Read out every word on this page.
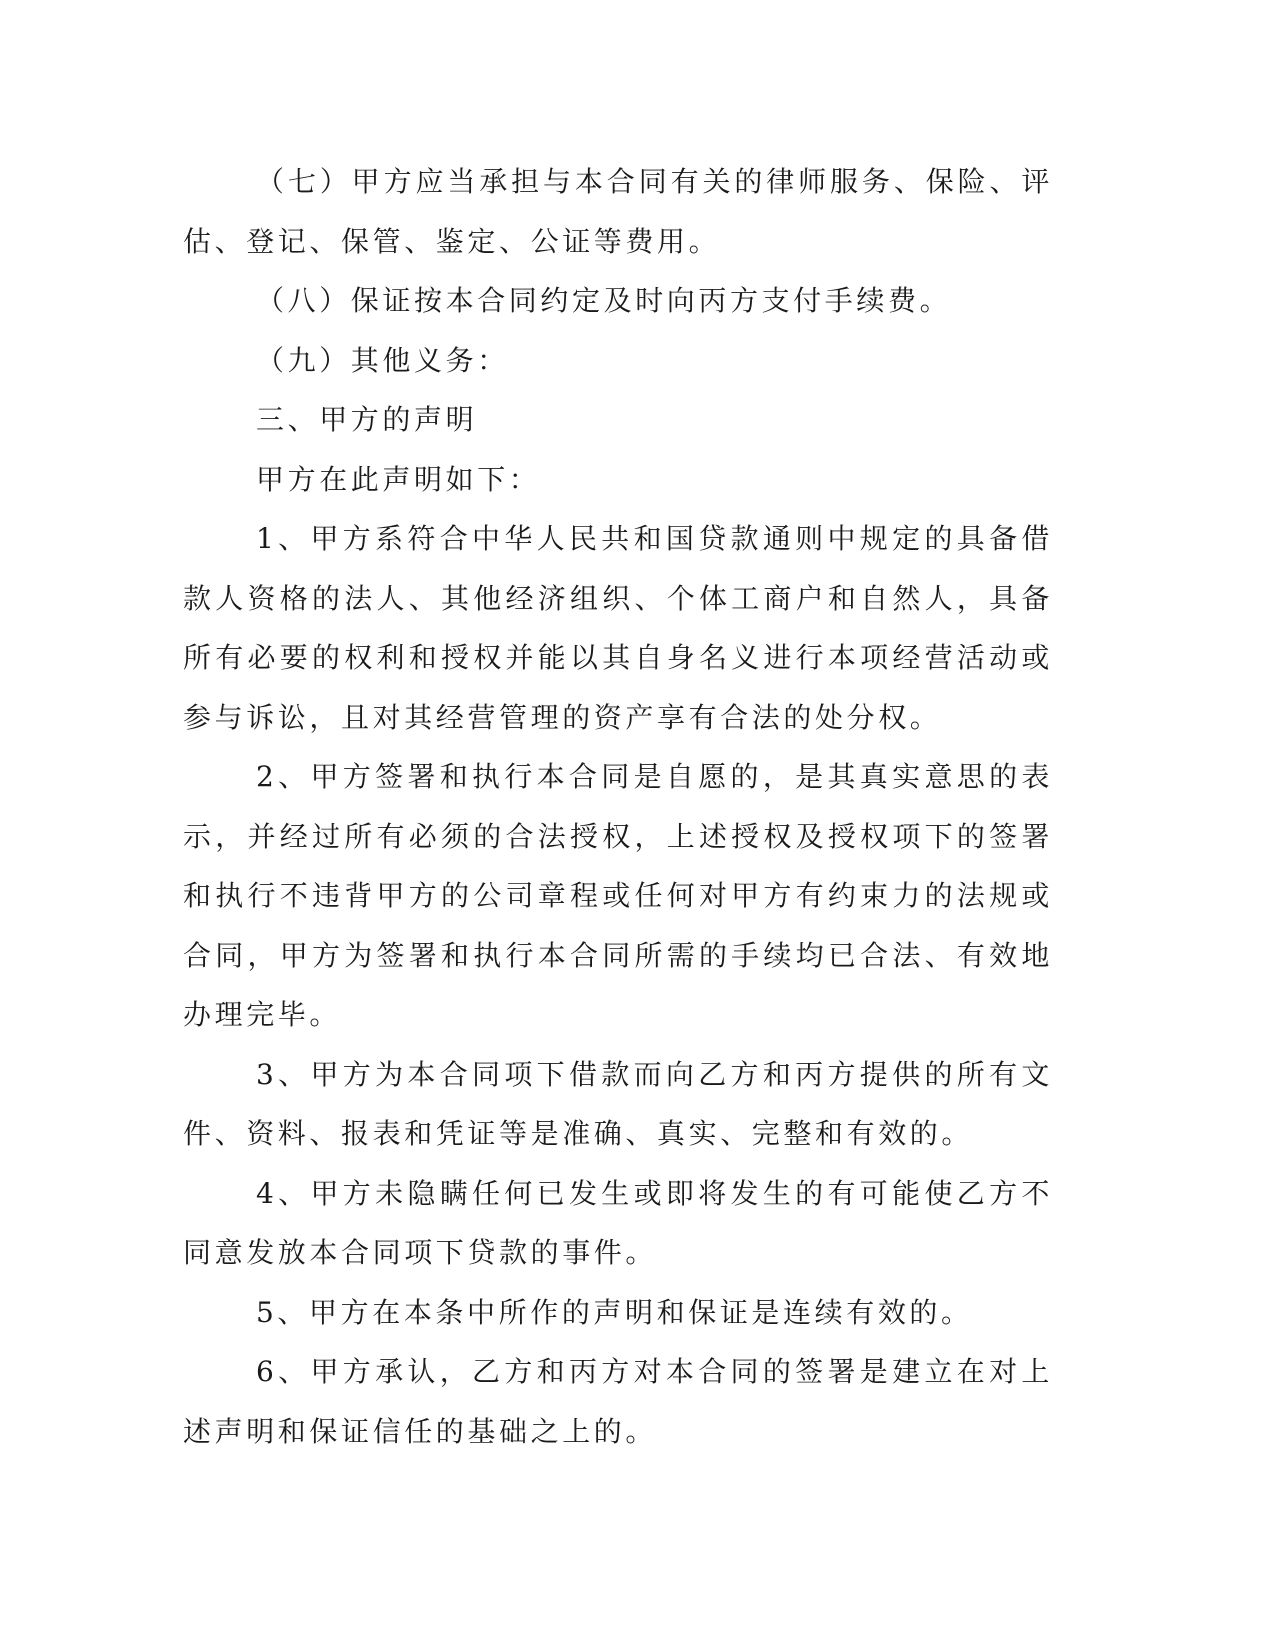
（七）甲方应当承担与本合同有关的律师服务、保险、评估、登记、保管、鉴定、公证等费用。

（八）保证按本合同约定及时向丙方支付手续费。

（九）其他义务：

三、甲方的声明

甲方在此声明如下：

1、甲方系符合中华人民共和国贷款通则中规定的具备借款人资格的法人、其他经济组织、个体工商户和自然人，具备所有必要的权利和授权并能以其自身名义进行本项经营活动或参与诉讼，且对其经营管理的资产享有合法的处分权。

2、甲方签署和执行本合同是自愿的，是其真实意思的表示，并经过所有必须的合法授权，上述授权及授权项下的签署和执行不违背甲方的公司章程或任何对甲方有约束力的法规或合同，甲方为签署和执行本合同所需的手续均已合法、有效地办理完毕。

3、甲方为本合同项下借款而向乙方和丙方提供的所有文件、资料、报表和凭证等是准确、真实、完整和有效的。

4、甲方未隐瞒任何已发生或即将发生的有可能使乙方不同意发放本合同项下贷款的事件。

5、甲方在本条中所作的声明和保证是连续有效的。

6、甲方承认，乙方和丙方对本合同的签署是建立在对上述声明和保证信任的基础之上的。
